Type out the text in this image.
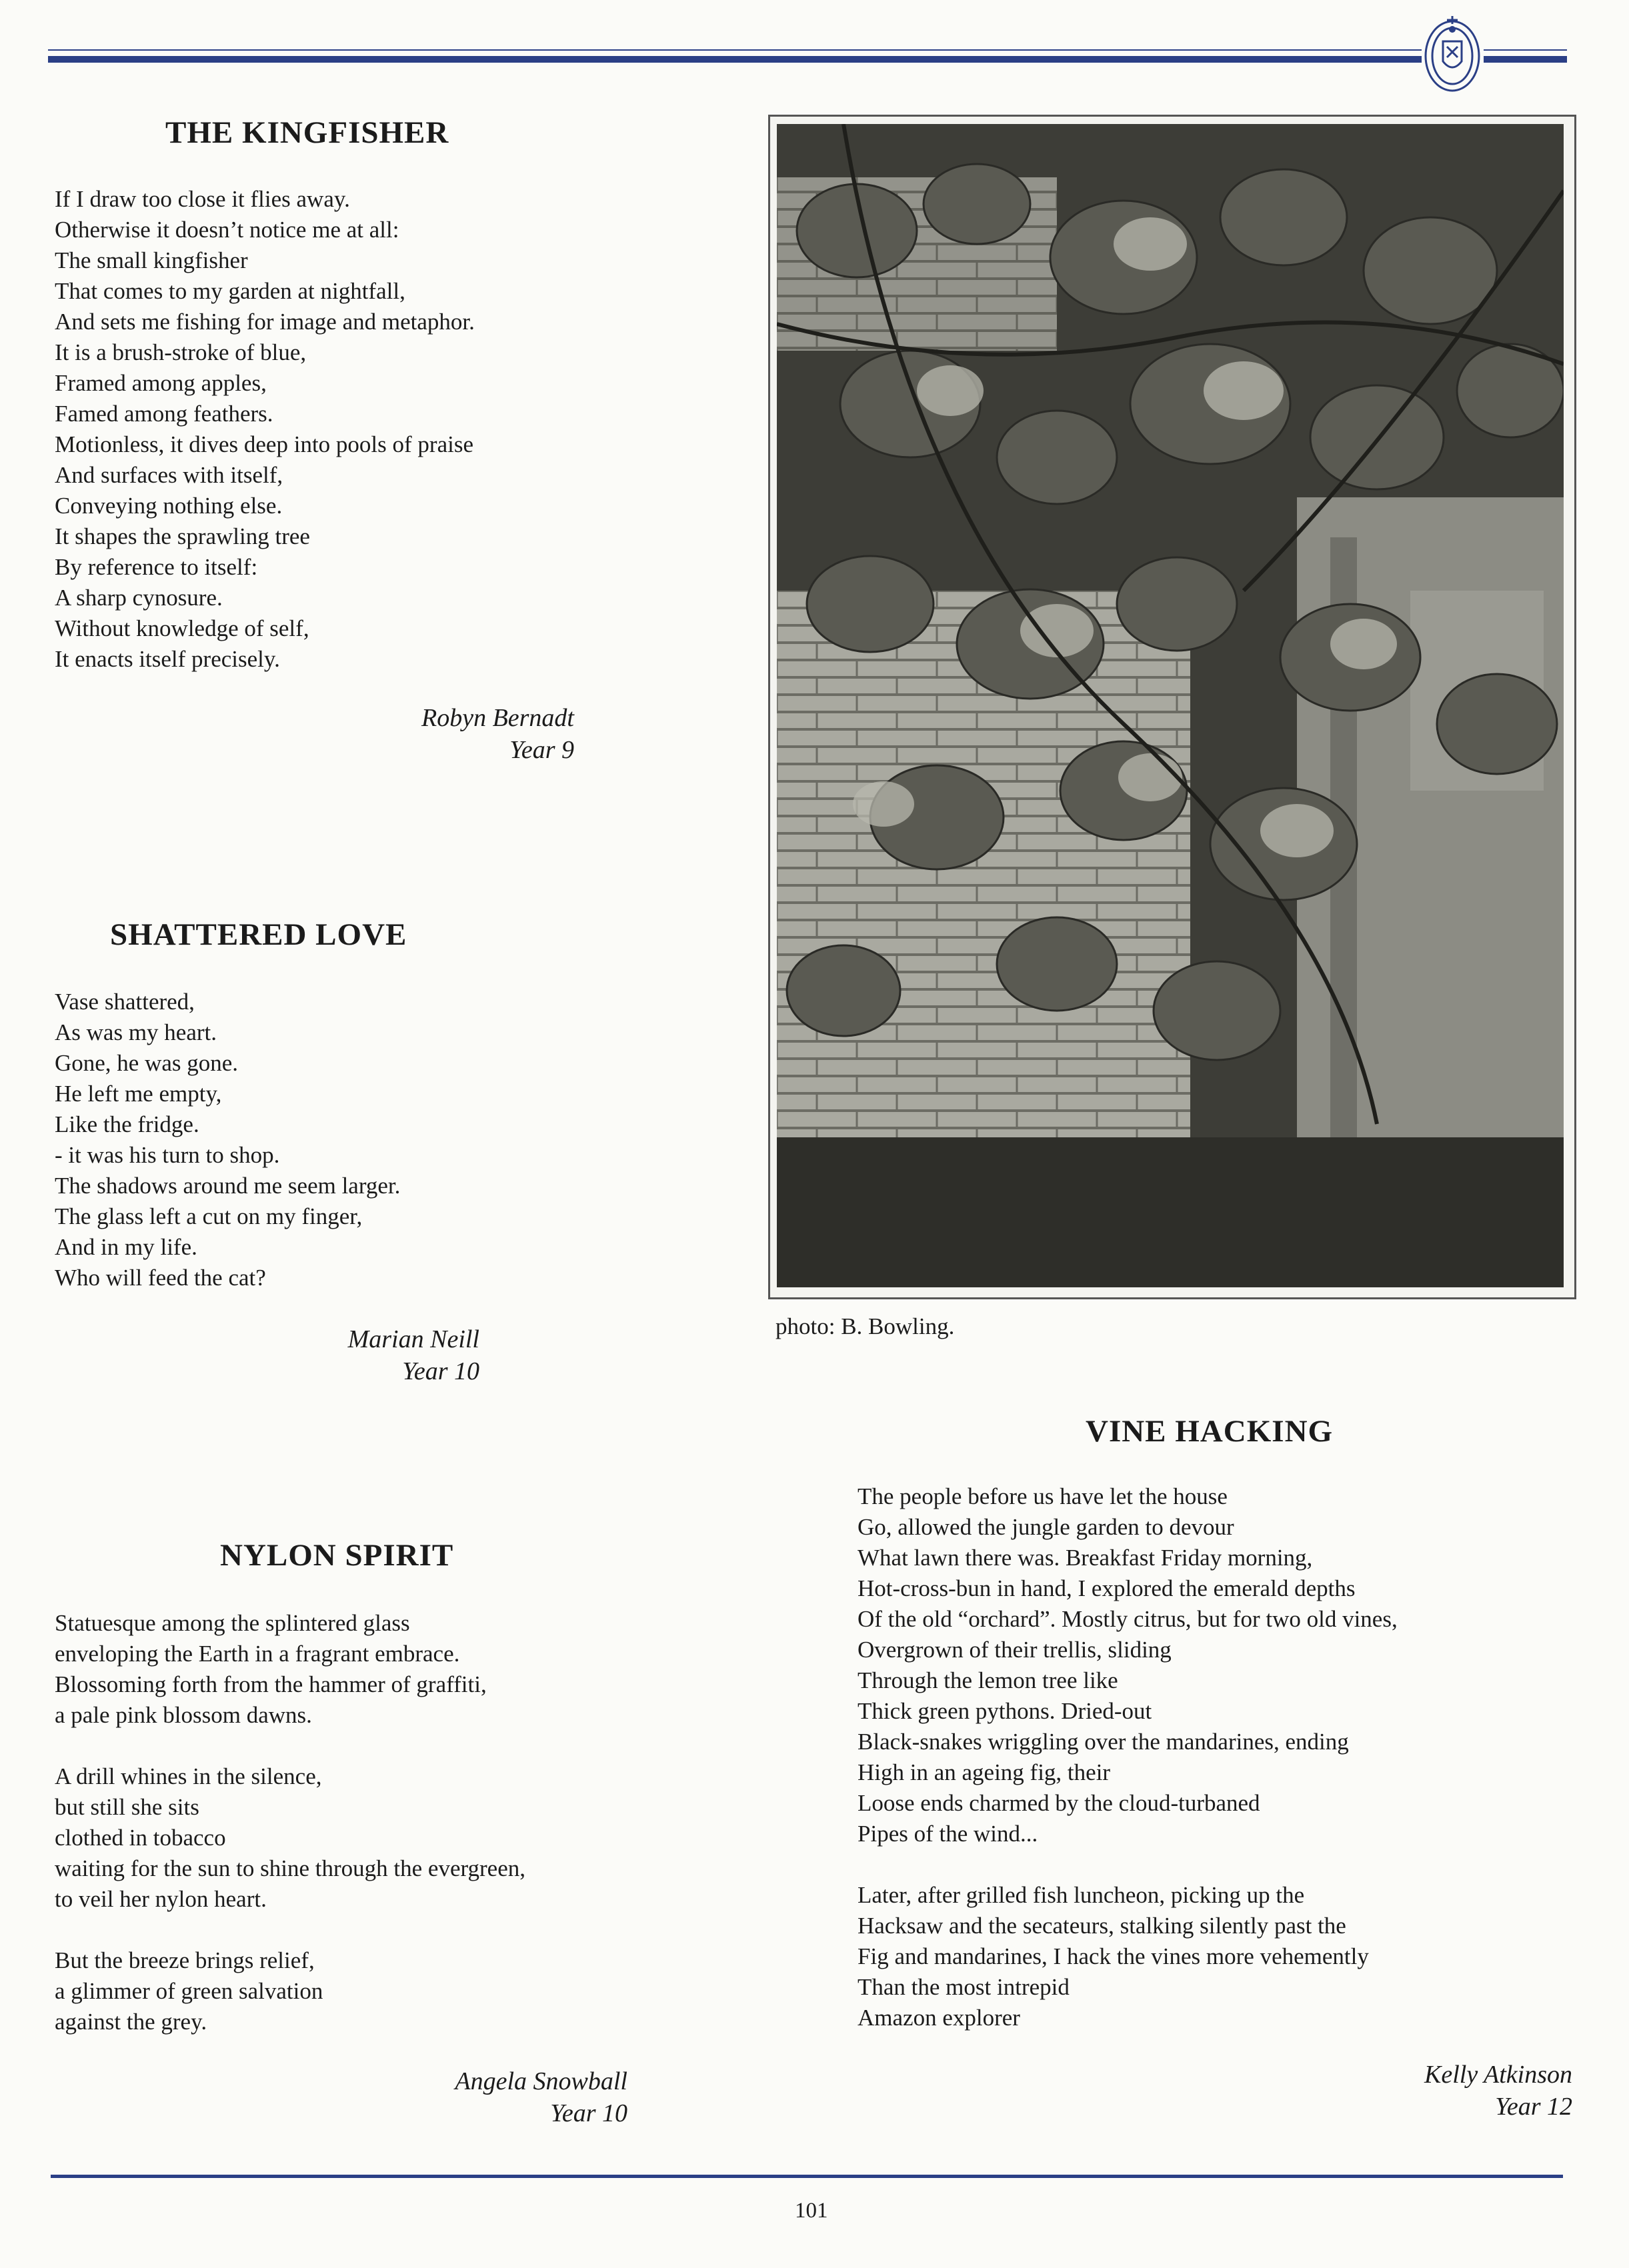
THE KINGFISHER
If I draw too close it flies away.
Otherwise it doesn’t notice me at all:
The small kingfisher
That comes to my garden at nightfall,
And sets me fishing for image and metaphor.
It is a brush-stroke of blue,
Framed among apples,
Famed among feathers.
Motionless, it dives deep into pools of praise
And surfaces with itself,
Conveying nothing else.
It shapes the sprawling tree
By reference to itself:
A sharp cynosure.
Without knowledge of self,
It enacts itself precisely.
Robyn Bernadt
Year 9
SHATTERED LOVE
Vase shattered,
As was my heart.
Gone, he was gone.
He left me empty,
Like the fridge.
- it was his turn to shop.
The shadows around me seem larger.
The glass left a cut on my finger,
And in my life.
Who will feed the cat?
Marian Neill
Year 10
NYLON SPIRIT
Statuesque among the splintered glass
enveloping the Earth in a fragrant embrace.
Blossoming forth from the hammer of graffiti,
a pale pink blossom dawns.
A drill whines in the silence,
but still she sits
clothed in tobacco
waiting for the sun to shine through the evergreen,
to veil her nylon heart.
But the breeze brings relief,
a glimmer of green salvation
against the grey.
Angela Snowball
Year 10
photo: B. Bowling.
VINE HACKING
The people before us have let the house
Go, allowed the jungle garden to devour
What lawn there was. Breakfast Friday morning,
Hot-cross-bun in hand, I explored the emerald depths
Of the old “orchard”. Mostly citrus, but for two old vines,
Overgrown of their trellis, sliding
Through the lemon tree like
Thick green pythons. Dried-out
Black-snakes wriggling over the mandarines, ending
High in an ageing fig, their
Loose ends charmed by the cloud-turbaned
Pipes of the wind...
Later, after grilled fish luncheon, picking up the
Hacksaw and the secateurs, stalking silently past the
Fig and mandarines, I hack the vines more vehemently
Than the most intrepid
Amazon explorer
Kelly Atkinson
Year 12
101
